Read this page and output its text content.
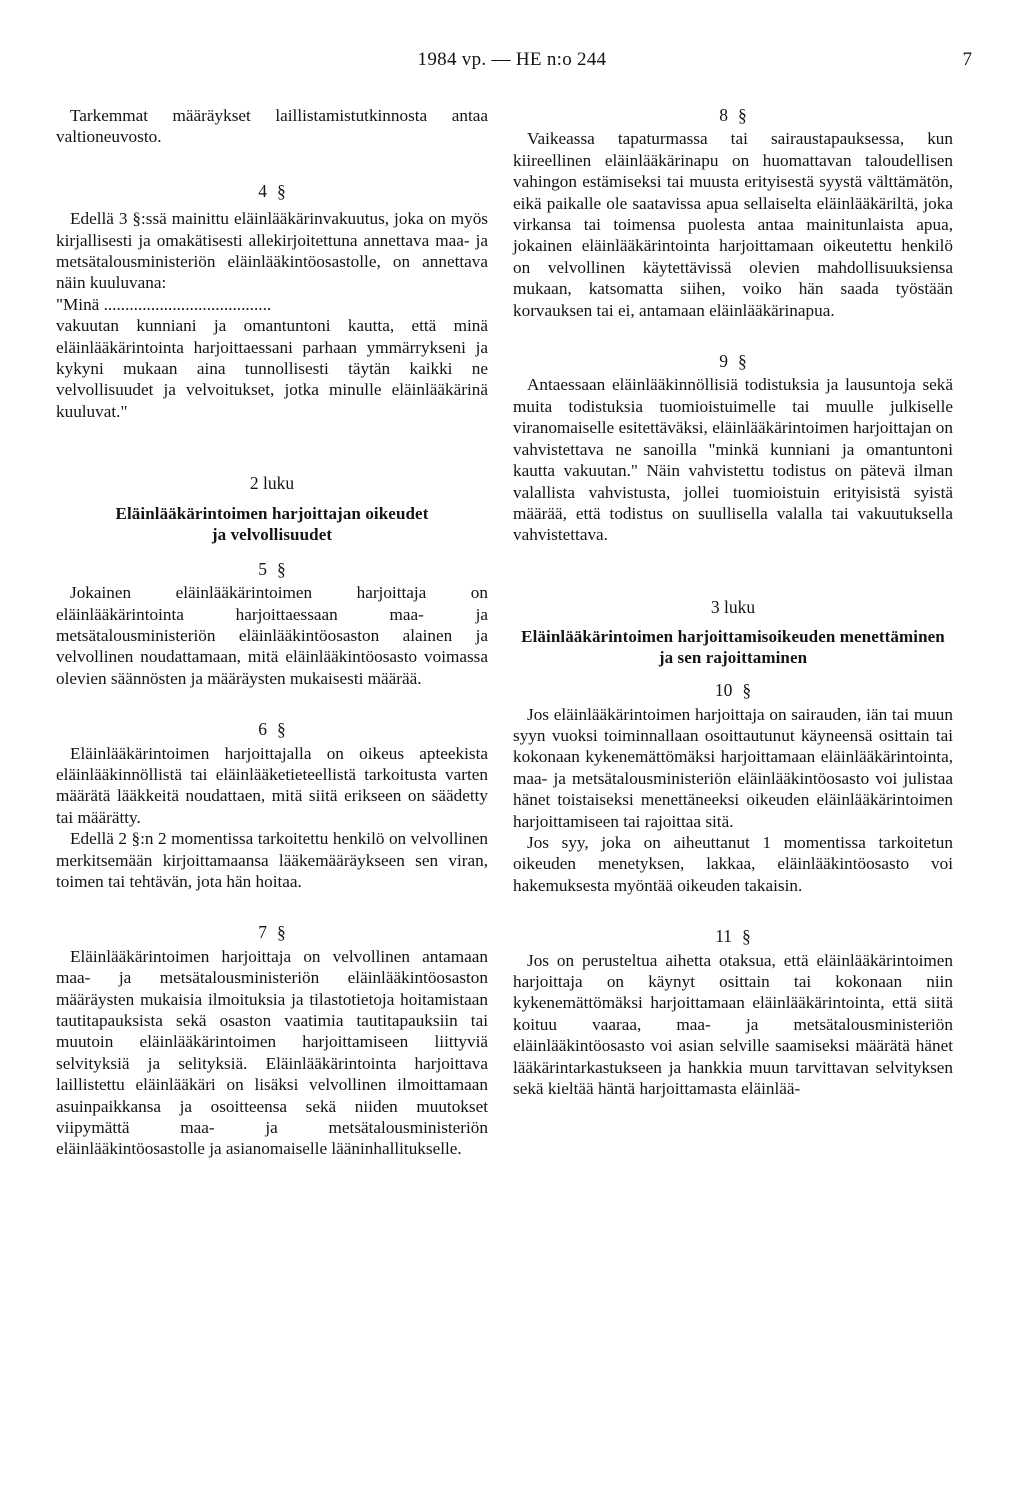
1984 vp. — HE n:o 244	7

Tarkemmat määräykset laillistamistutkinnosta antaa valtioneuvosto.

4 §

Edellä 3 §:ssä mainittu eläinlääkärinvakuutus, joka on myös kirjallisesti ja omakätisesti allekirjoitettuna annettava maa- ja metsätalousministeriön eläinlääkintöosastolle, on annettava näin kuuluvana:

"Minä .......................................

vakuutan kunniani ja omantuntoni kautta, että minä eläinlääkärintointa harjoittaessani parhaan ymmärrykseni ja kykyni mukaan aina tunnollisesti täytän kaikki ne velvollisuudet ja velvoitukset, jotka minulle eläinlääkärinä kuuluvat."

2 luku
Eläinlääkärintoimen harjoittajan oikeudet
ja velvollisuudet
5 §

Jokainen eläinlääkärintoimen harjoittaja on eläinlääkärintointa harjoittaessaan maa- ja metsätalousministeriön eläinlääkintöosaston alainen ja velvollinen noudattamaan, mitä eläinlääkintöosasto voimassa olevien säännösten ja määräysten mukaisesti määrää.

6 §

Eläinlääkärintoimen harjoittajalla on oikeus apteekista eläinlääkinnöllistä tai eläinlääketieteellistä tarkoitusta varten määrätä lääkkeitä noudattaen, mitä siitä erikseen on säädetty tai määrätty.

Edellä 2 §:n 2 momentissa tarkoitettu henkilö on velvollinen merkitsemään kirjoittamaansa lääkemääräykseen sen viran, toimen tai tehtävän, jota hän hoitaa.

7 §

Eläinlääkärintoimen harjoittaja on velvollinen antamaan maa- ja metsätalousministeriön eläinlääkintöosaston määräysten mukaisia ilmoituksia ja tilastotietoja hoitamistaan tautitapauksista sekä osaston vaatimia tautitapauksiin tai muutoin eläinlääkärintoimen harjoittamiseen liittyviä selvityksiä ja selityksiä. Eläinlääkärintointa harjoittava laillistettu eläinlääkäri on lisäksi velvollinen ilmoittamaan asuinpaikkansa ja osoitteensa sekä niiden muutokset viipymättä maa- ja metsätalousministeriön eläinlääkintöosastolle ja asianomaiselle lääninhallitukselle.

8 §

Vaikeassa tapaturmassa tai sairaustapauksessa, kun kiireellinen eläinlääkärinapu on huomattavan taloudellisen vahingon estämiseksi tai muusta erityisestä syystä välttämätön, eikä paikalle ole saatavissa apua sellaiselta eläinlääkäriltä, joka virkansa tai toimensa puolesta antaa mainitunlaista apua, jokainen eläinlääkärintointa harjoittamaan oikeutettu henkilö on velvollinen käytettävissä olevien mahdollisuuksiensa mukaan, katsomatta siihen, voiko hän saada työstään korvauksen tai ei, antamaan eläinlääkärinapua.

9 §

Antaessaan eläinlääkinnöllisiä todistuksia ja lausuntoja sekä muita todistuksia tuomioistuimelle tai muulle julkiselle viranomaiselle esitettäväksi, eläinlääkärintoimen harjoittajan on vahvistettava ne sanoilla "minkä kunniani ja omantuntoni kautta vakuutan." Näin vahvistettu todistus on pätevä ilman valallista vahvistusta, jollei tuomioistuin erityisistä syistä määrää, että todistus on suullisella valalla tai vakuutuksella vahvistettava.

3 luku
Eläinlääkärintoimen harjoittamisoikeuden menettäminen ja sen rajoittaminen
10 §

Jos eläinlääkärintoimen harjoittaja on sairauden, iän tai muun syyn vuoksi toiminnallaan osoittautunut käyneensä osittain tai kokonaan kykenemättömäksi harjoittamaan eläinlääkärintointa, maa- ja metsätalousministeriön eläinlääkintöosasto voi julistaa hänet toistaiseksi menettäneeksi oikeuden eläinlääkärintoimen harjoittamiseen tai rajoittaa sitä.

Jos syy, joka on aiheuttanut 1 momentissa tarkoitetun oikeuden menetyksen, lakkaa, eläinlääkintöosasto voi hakemuksesta myöntää oikeuden takaisin.

11 §

Jos on perusteltua aihetta otaksua, että eläinlääkärintoimen harjoittaja on käynyt osittain tai kokonaan niin kykenemättömäksi harjoittamaan eläinlääkärintointa, että siitä koituu vaaraa, maa- ja metsätalousministeriön eläinlääkintöosasto voi asian selville saamiseksi määrätä hänet lääkärintarkastukseen ja hankkia muun tarvittavan selvityksen sekä kieltää häntä harjoittamasta eläinlää-
